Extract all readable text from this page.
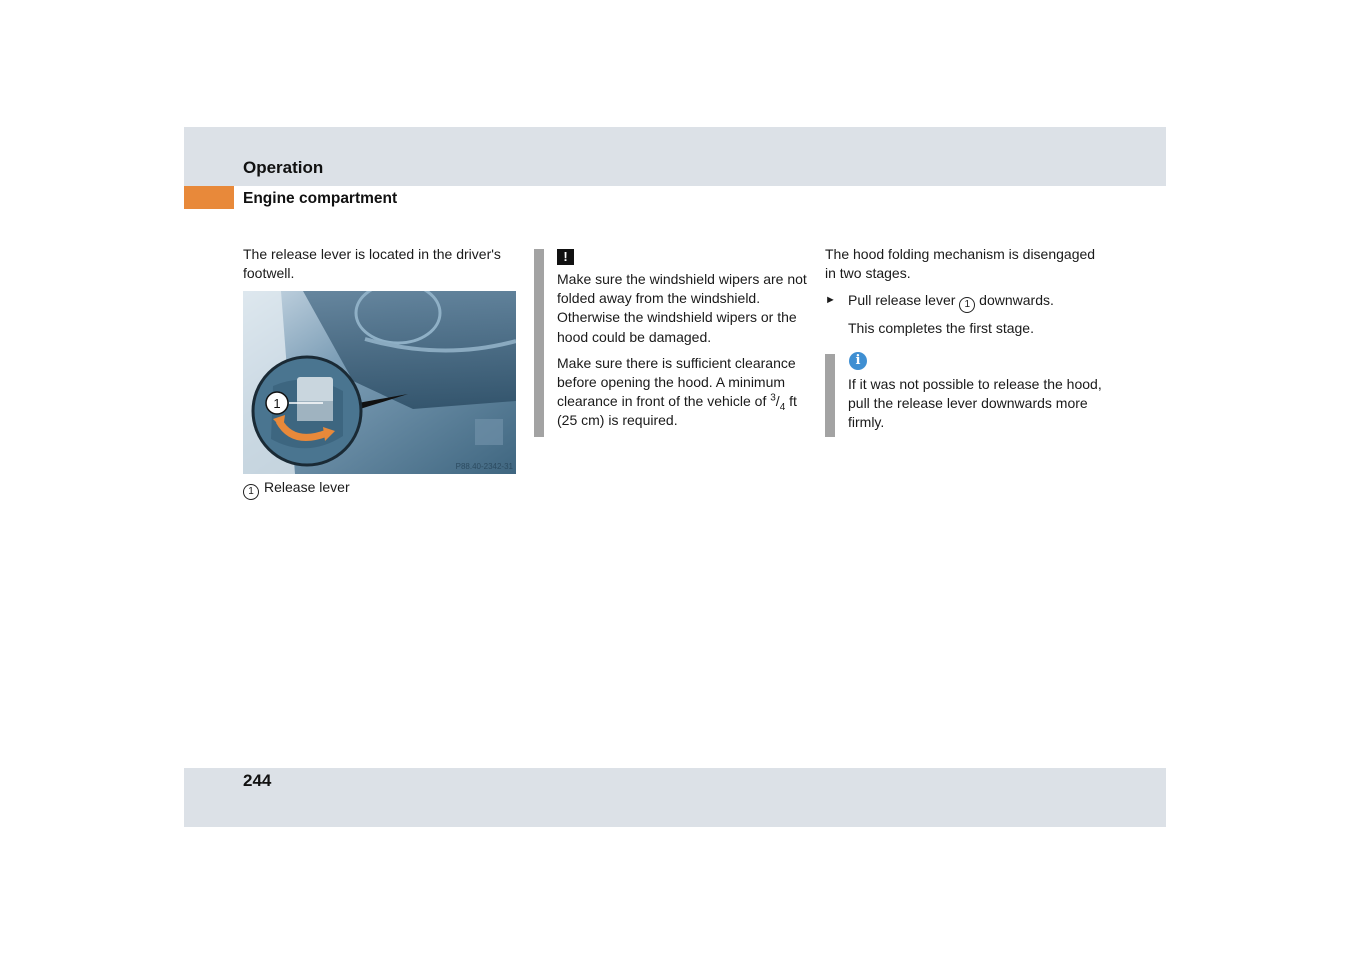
Operation
Engine compartment

The release lever is located in the driver's footwell.

1
P88.40-2342-31
1 Release lever
!

Make sure the windshield wipers are not folded away from the windshield. Otherwise the windshield wipers or the hood could be damaged.

Make sure there is sufficient clearance before opening the hood. A minimum clearance in front of the vehicle of $^3/_4$ ft (25 cm) is required.

The hood folding mechanism is disengaged in two stages.

► Pull release lever 1 downwards.

This completes the first stage.

i

If it was not possible to release the hood, pull the release lever downwards more firmly.

244
